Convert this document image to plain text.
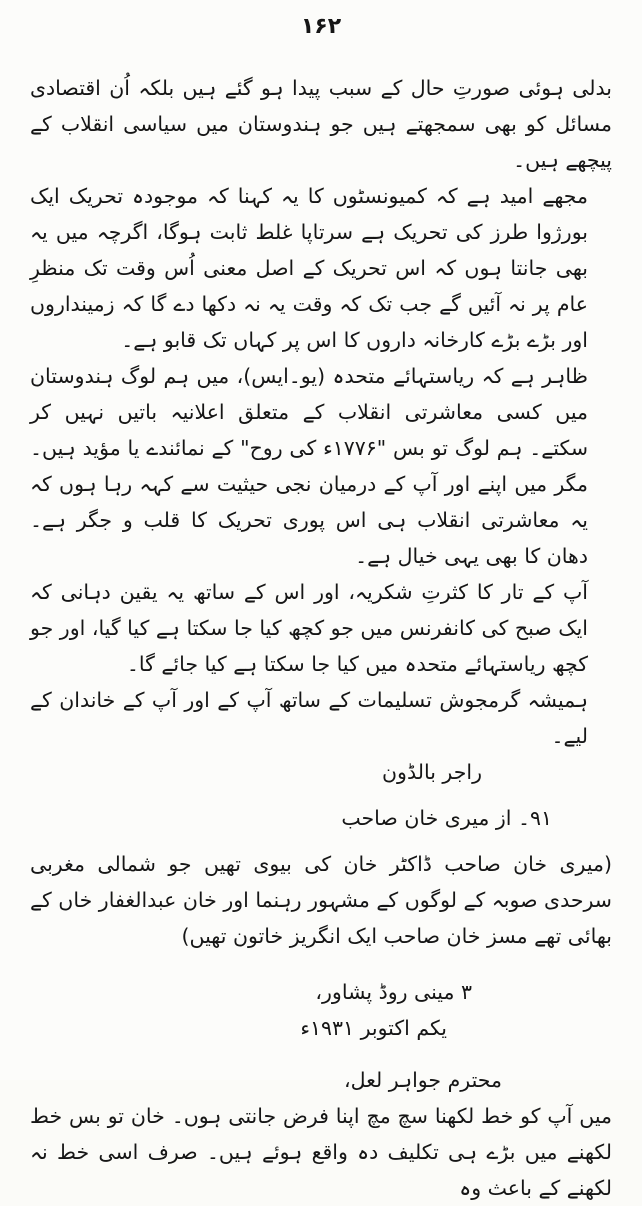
۱۶۲

بدلی ہوئی صورتِ حال کے سبب پیدا ہو گئے ہیں بلکہ اُن اقتصادی مسائل کو بھی سمجھتے ہیں جو ہندوستان میں سیاسی انقلاب کے پیچھے ہیں۔

مجھے امید ہے کہ کمیونسٹوں کا یہ کہنا کہ موجودہ تحریک ایک بورژوا طرز کی تحریک ہے سرتاپا غلط ثابت ہوگا، اگرچہ میں یہ بھی جانتا ہوں کہ اس تحریک کے اصل معنی اُس وقت تک منظرِ عام پر نہ آئیں گے جب تک کہ وقت یہ نہ دکھا دے گا کہ زمینداروں اور بڑے بڑے کارخانہ داروں کا اس پر کہاں تک قابو ہے۔

ظاہر ہے کہ ریاستہائے متحدہ (یو۔ایس)، میں ہم لوگ ہندوستان میں کسی معاشرتی انقلاب کے متعلق اعلانیہ باتیں نہیں کر سکتے۔ ہم لوگ تو بس "۱۷۷۶ء کی روح" کے نمائندے یا مؤید ہیں۔ مگر میں اپنے اور آپ کے درمیان نجی حیثیت سے کہہ رہا ہوں کہ یہ معاشرتی انقلاب ہی اس پوری تحریک کا قلب و جگر ہے۔ دھان کا بھی یہی خیال ہے۔

آپ کے تار کا کثرتِ شکریہ، اور اس کے ساتھ یہ یقین دہانی کہ ایک صبح کی کانفرنس میں جو کچھ کیا جا سکتا ہے کیا گیا، اور جو کچھ ریاستہائے متحدہ میں کیا جا سکتا ہے کیا جائے گا۔

ہمیشہ گرمجوش تسلیمات کے ساتھ آپ کے اور آپ کے خاندان کے لیے۔

راجر بالڈون

۹۱۔ از میری خان صاحب

(میری خان صاحب ڈاکٹر خان کی بیوی تھیں جو شمالی مغربی سرحدی صوبہ کے لوگوں کے مشہور رہنما اور خان عبدالغفار خاں کے بھائی تھے مسز خان صاحب ایک انگریز خاتون تھیں)

۳ مینی روڈ پشاور،

یکم اکتوبر ۱۹۳۱ء

محترم جواہر لعل،

میں آپ کو خط لکھنا سچ مچ اپنا فرض جانتی ہوں۔ خان تو بس خط لکھنے میں بڑے ہی تکلیف دہ واقع ہوئے ہیں۔ صرف اسی خط نہ لکھنے کے باعث وہ
